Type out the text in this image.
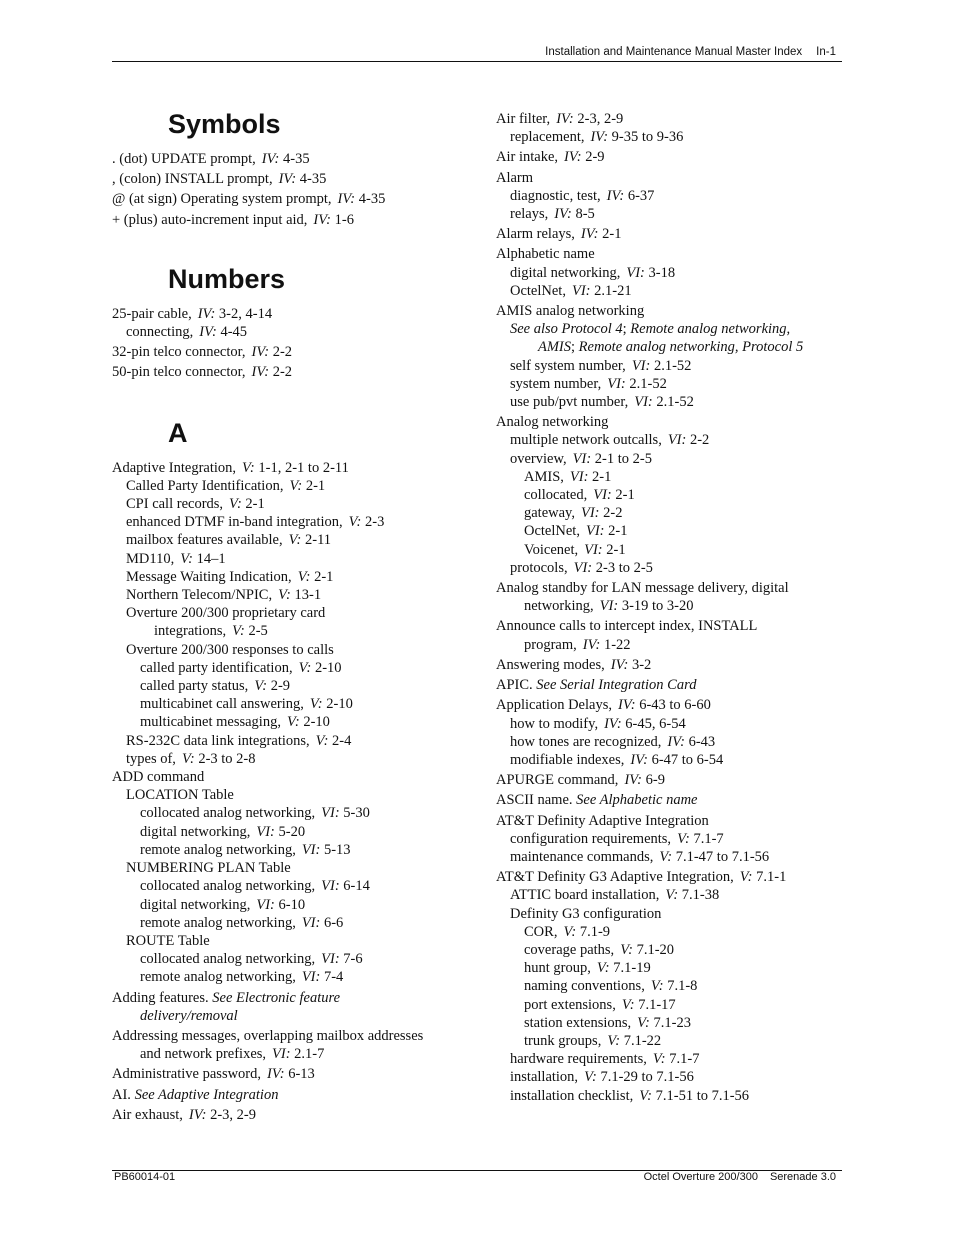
Installation and Maintenance Manual Master Index In-1
Symbols
. (dot) UPDATE prompt, IV: 4-35
, (colon) INSTALL prompt, IV: 4-35
@ (at sign) Operating system prompt, IV: 4-35
+ (plus) auto-increment input aid, IV: 1-6
Numbers
25-pair cable, IV: 3-2, 4-14
connecting, IV: 4-45
32-pin telco connector, IV: 2-2
50-pin telco connector, IV: 2-2
A
Adaptive Integration, V: 1-1, 2-1 to 2-11
Called Party Identification, V: 2-1
CPI call records, V: 2-1
enhanced DTMF in-band integration, V: 2-3
mailbox features available, V: 2-11
MD110, V: 14–1
Message Waiting Indication, V: 2-1
Northern Telecom/NPIC, V: 13-1
Overture 200/300 proprietary card
integrations, V: 2-5
Overture 200/300 responses to calls
called party identification, V: 2-10
called party status, V: 2-9
multicabinet call answering, V: 2-10
multicabinet messaging, V: 2-10
RS-232C data link integrations, V: 2-4
types of, V: 2-3 to 2-8
ADD command
LOCATION Table
collocated analog networking, VI: 5-30
digital networking, VI: 5-20
remote analog networking, VI: 5-13
NUMBERING PLAN Table
collocated analog networking, VI: 6-14
digital networking, VI: 6-10
remote analog networking, VI: 6-6
ROUTE Table
collocated analog networking, VI: 7-6
remote analog networking, VI: 7-4
Adding features. See Electronic feature
delivery/removal
Addressing messages, overlapping mailbox addresses
and network prefixes, VI: 2.1-7
Administrative password, IV: 6-13
AI. See Adaptive Integration
Air exhaust, IV: 2-3, 2-9
Air filter, IV: 2-3, 2-9
replacement, IV: 9-35 to 9-36
Air intake, IV: 2-9
Alarm
diagnostic, test, IV: 6-37
relays, IV: 8-5
Alarm relays, IV: 2-1
Alphabetic name
digital networking, VI: 3-18
OctelNet, VI: 2.1-21
AMIS analog networking
See also Protocol 4; Remote analog networking,
AMIS; Remote analog networking, Protocol 5
self system number, VI: 2.1-52
system number, VI: 2.1-52
use pub/pvt number, VI: 2.1-52
Analog networking
multiple network outcalls, VI: 2-2
overview, VI: 2-1 to 2-5
AMIS, VI: 2-1
collocated, VI: 2-1
gateway, VI: 2-2
OctelNet, VI: 2-1
Voicenet, VI: 2-1
protocols, VI: 2-3 to 2-5
Analog standby for LAN message delivery, digital
networking, VI: 3-19 to 3-20
Announce calls to intercept index, INSTALL
program, IV: 1-22
Answering modes, IV: 3-2
APIC. See Serial Integration Card
Application Delays, IV: 6-43 to 6-60
how to modify, IV: 6-45, 6-54
how tones are recognized, IV: 6-43
modifiable indexes, IV: 6-47 to 6-54
APURGE command, IV: 6-9
ASCII name. See Alphabetic name
AT&T Definity Adaptive Integration
configuration requirements, V: 7.1-7
maintenance commands, V: 7.1-47 to 7.1-56
AT&T Definity G3 Adaptive Integration, V: 7.1-1
ATTIC board installation, V: 7.1-38
Definity G3 configuration
COR, V: 7.1-9
coverage paths, V: 7.1-20
hunt group, V: 7.1-19
naming conventions, V: 7.1-8
port extensions, V: 7.1-17
station extensions, V: 7.1-23
trunk groups, V: 7.1-22
hardware requirements, V: 7.1-7
installation, V: 7.1-29 to 7.1-56
installation checklist, V: 7.1-51 to 7.1-56
PB60014-01	Octel Overture 200/300 Serenade 3.0
